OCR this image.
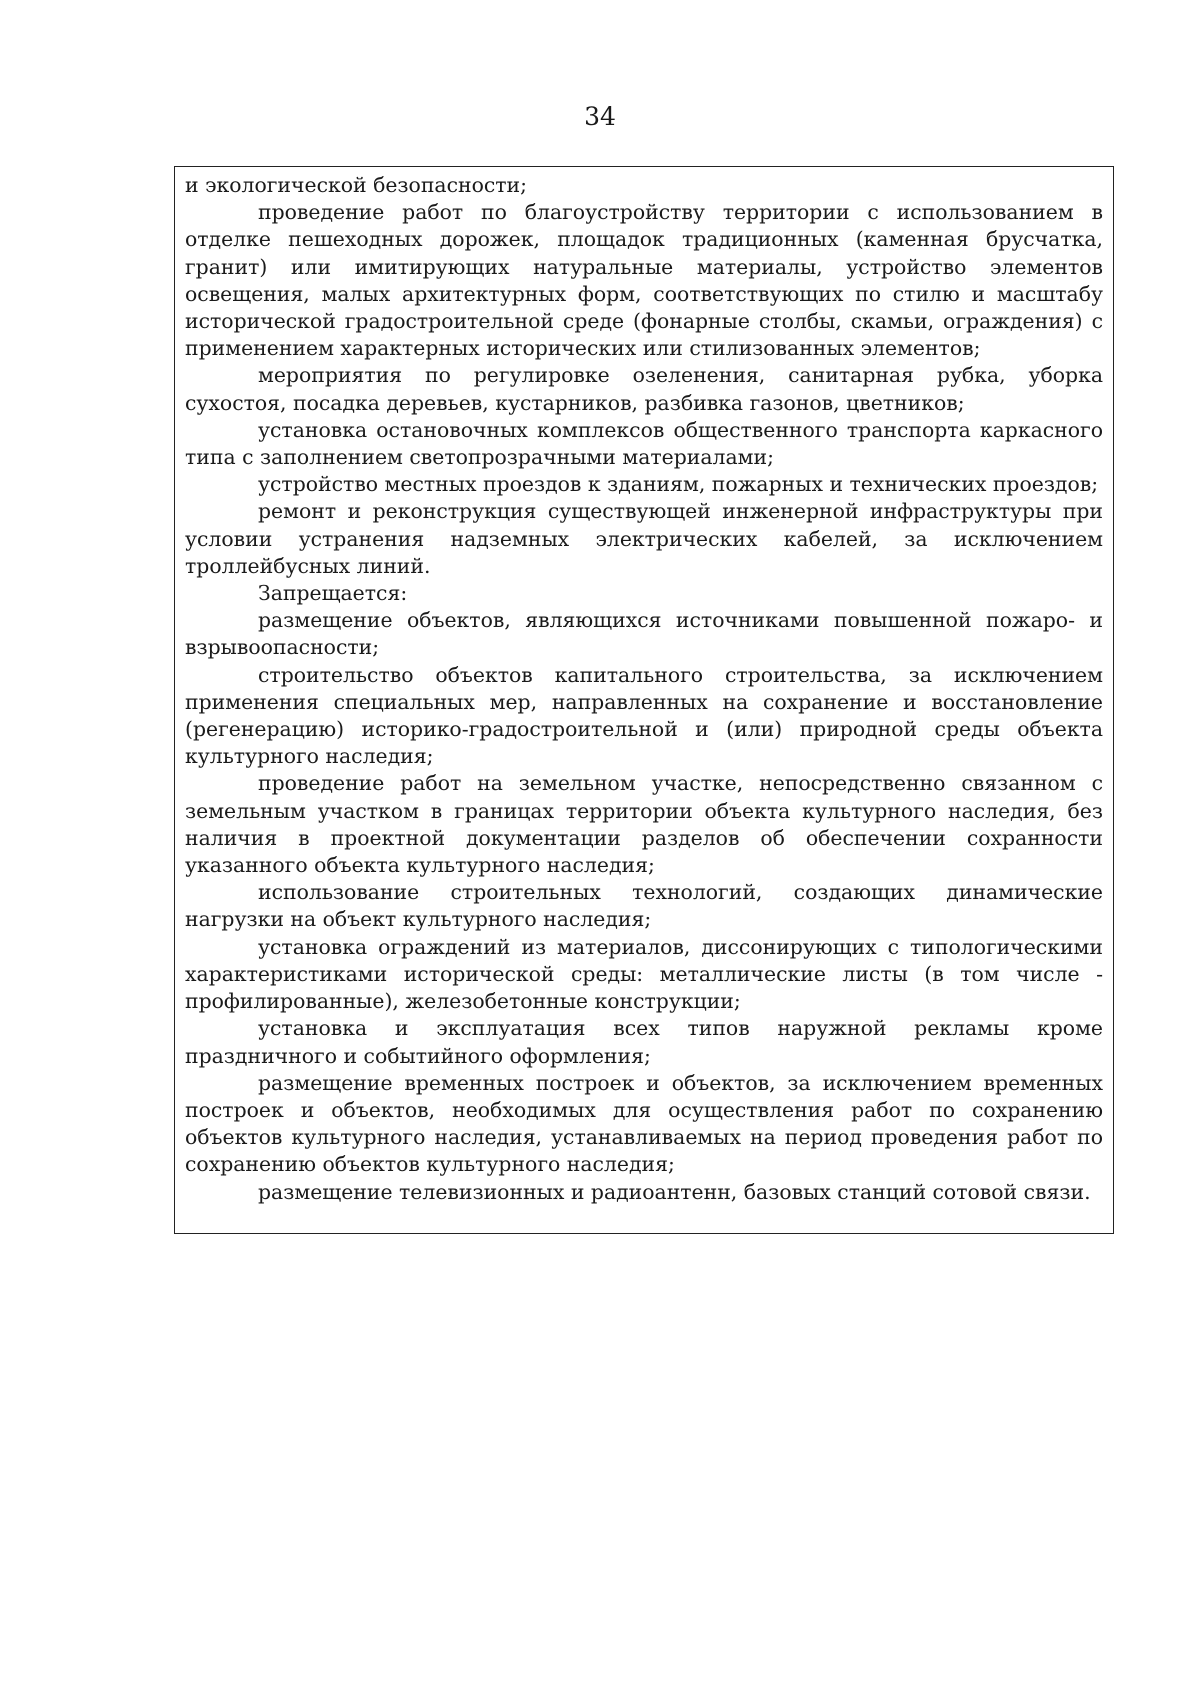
34

и экологической безопасности;

проведение работ по благоустройству территории с использованием в отделке пешеходных дорожек, площадок традиционных (каменная брусчатка, гранит) или имитирующих натуральные материалы, устройство элементов освещения, малых архитектурных форм, соответствующих по стилю и масштабу исторической градостроительной среде (фонарные столбы, скамьи, ограждения) с применением характерных исторических или стилизованных элементов;

мероприятия по регулировке озеленения, санитарная рубка, уборка сухостоя, посадка деревьев, кустарников, разбивка газонов, цветников;

установка остановочных комплексов общественного транспорта каркасного типа с заполнением светопрозрачными материалами;

устройство местных проездов к зданиям, пожарных и технических проездов;

ремонт и реконструкция существующей инженерной инфраструктуры при условии устранения надземных электрических кабелей, за исключением троллейбусных линий.

Запрещается:

размещение объектов, являющихся источниками повышенной пожаро- и взрывоопасности;

строительство объектов капитального строительства, за исключением применения специальных мер, направленных на сохранение и восстановление (регенерацию) историко-градостроительной и (или) природной среды объекта культурного наследия;

проведение работ на земельном участке, непосредственно связанном с земельным участком в границах территории объекта культурного наследия, без наличия в проектной документации разделов об обеспечении сохранности указанного объекта культурного наследия;

использование строительных технологий, создающих динамические нагрузки на объект культурного наследия;

установка ограждений из материалов, диссонирующих с типологическими характеристиками исторической среды: металлические листы (в том числе - профилированные), железобетонные конструкции;

установка и эксплуатация всех типов наружной рекламы кроме праздничного и событийного оформления;

размещение временных построек и объектов, за исключением временных построек и объектов, необходимых для осуществления работ по сохранению объектов культурного наследия, устанавливаемых на период проведения работ по сохранению объектов культурного наследия;

размещение телевизионных и радиоантенн, базовых станций сотовой связи.
